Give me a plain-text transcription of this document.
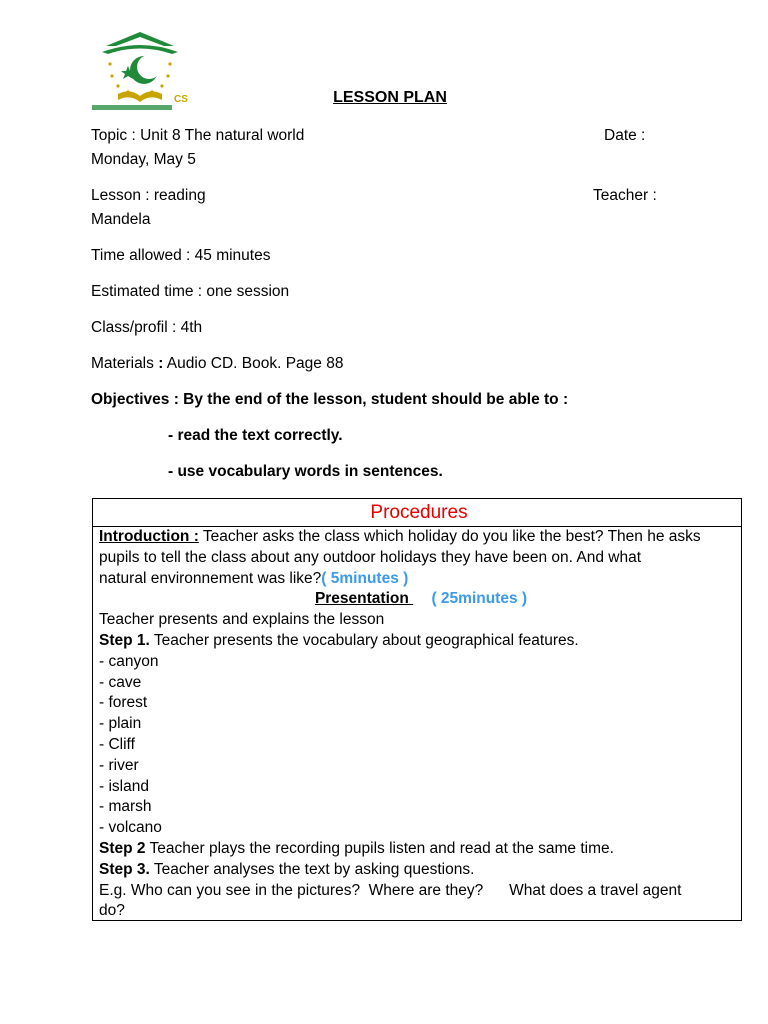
CS	LESSON PLAN
Topic : Unit 8 The natural world	Date :
Monday, May 5
Lesson : reading	Teacher :
Mandela
Time allowed : 45 minutes
Estimated time : one session
Class/profil : 4th
Materials : Audio CD. Book. Page 88
Objectives : By the end of the lesson, student should be able to :
- read the text correctly.
- use vocabulary words in sentences.
Procedures
Introduction : Teacher asks the class which holiday do you like the best? Then he asks
pupils to tell the class about any outdoor holidays they have been on. And what
natural environnement was like?( 5minutes )
Presentation  ( 25minutes )
Teacher presents and explains the lesson
Step 1. Teacher presents the vocabulary about geographical features.
- canyon
- cave
- forest
- plain
- Cliff
- river
- island
- marsh
- volcano
Step 2 Teacher plays the recording pupils listen and read at the same time.
Step 3. Teacher analyses the text by asking questions.
E.g. Who can you see in the pictures?  Where are they?      What does a travel agent
do?
